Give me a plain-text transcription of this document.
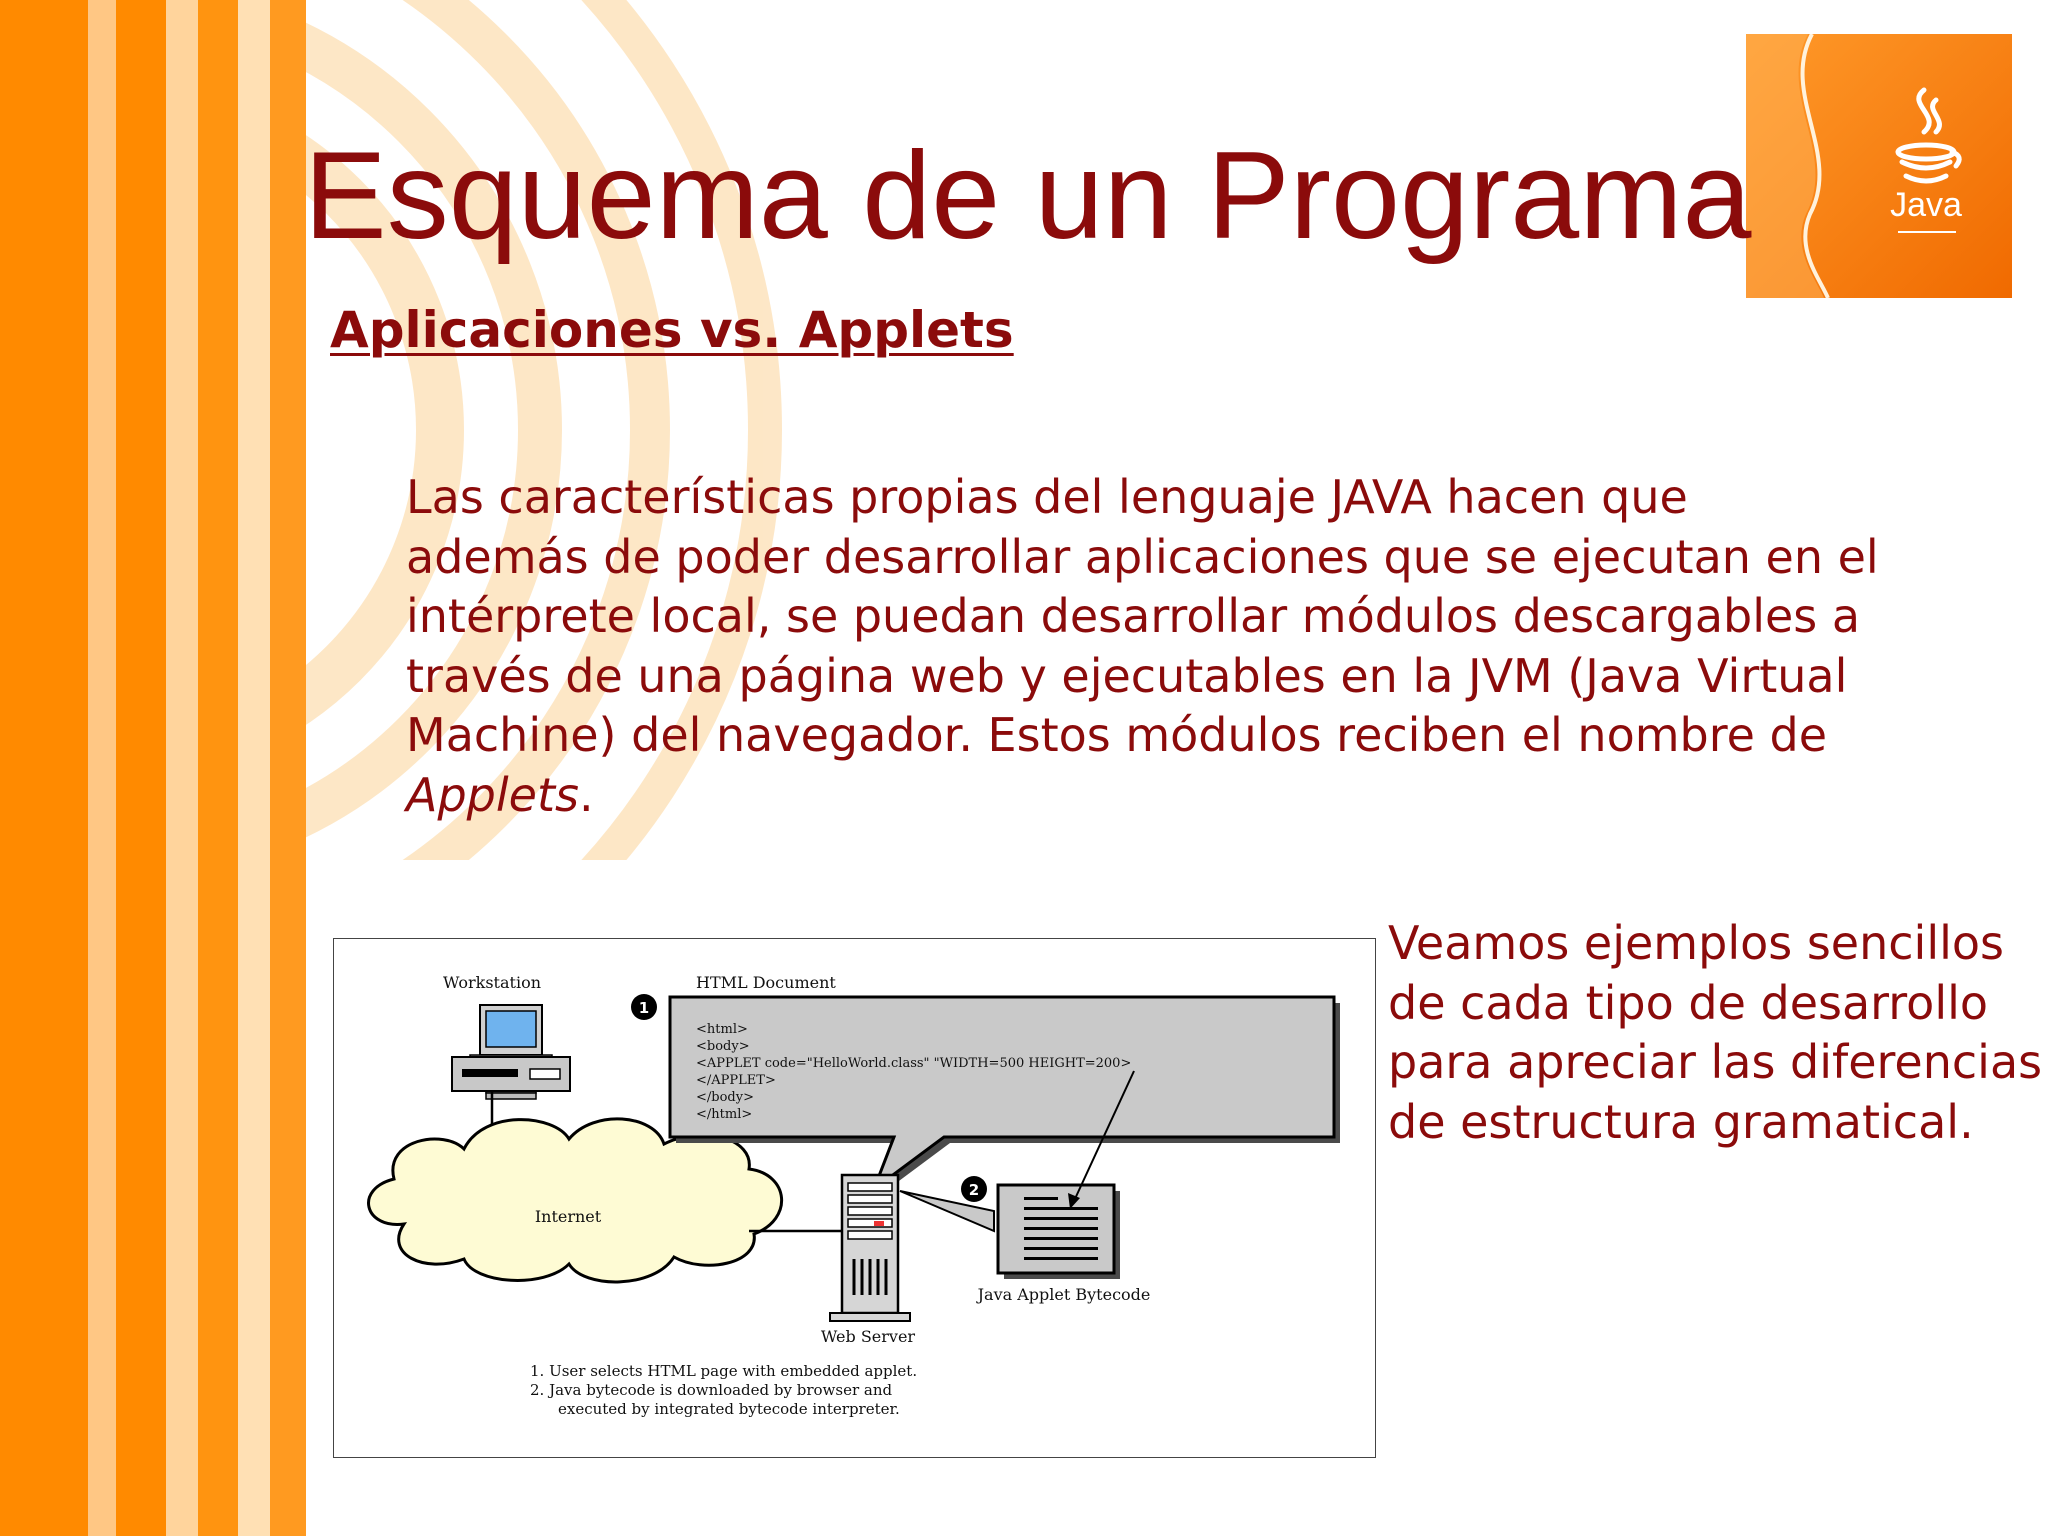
Java
Esquema de un Programa
Aplicaciones vs. Applets

Las características propias del lenguaje JAVA hacen que
además de poder desarrollar aplicaciones que se ejecutan en el
intérprete local, se puedan desarrollar módulos descargables a
través de una página web y ejecutables en la JVM (Java Virtual
Machine) del navegador. Estos módulos reciben el nombre de
Applets.

Veamos ejemplos sencillos
de cada tipo de desarrollo
para apreciar las diferencias
de estructura gramatical.

Workstation
Internet
HTML Document
1
<html>
<body>
<APPLET code="HelloWorld.class" "WIDTH=500 HEIGHT=200>
</APPLET>
</body>
</html>
Web Server
2
Java Applet Bytecode
1. User selects HTML page with embedded applet.
2. Java bytecode is downloaded by browser and
executed by integrated bytecode interpreter.
